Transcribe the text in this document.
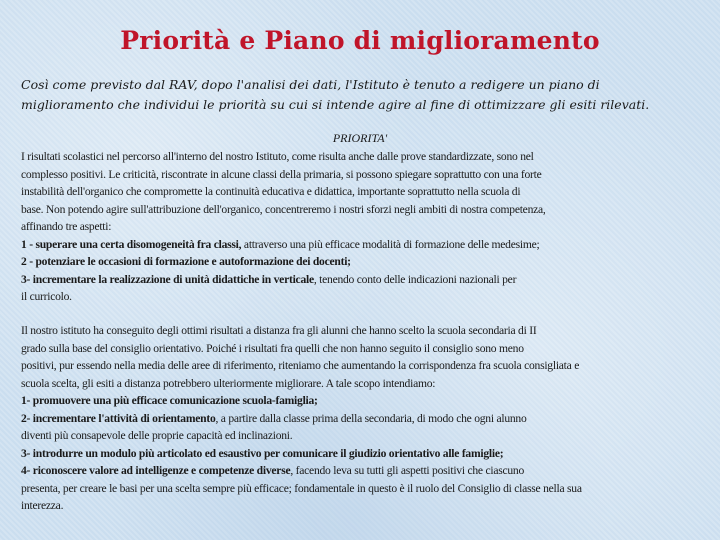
Priorità e Piano di miglioramento

Così come previsto dal RAV, dopo l'analisi dei dati, l'Istituto è tenuto a redigere un piano di

miglioramento che individui le priorità su cui si intende agire al fine di ottimizzare gli esiti rilevati.

PRIORITA'

I risultati scolastici nel percorso all'interno del nostro Istituto, come risulta anche dalle prove standardizzate, sono nel

complesso positivi. Le criticità, riscontrate in alcune classi della primaria, si possono spiegare soprattutto con una forte

instabilità dell'organico che compromette la continuità educativa e didattica, importante soprattutto nella scuola di

base. Non potendo agire sull'attribuzione dell'organico, concentreremo i nostri sforzi negli ambiti di nostra competenza,

affinando tre aspetti:

1 - superare una certa disomogeneità fra classi, attraverso una più efficace modalità di formazione delle medesime;

2 - potenziare le occasioni di formazione e autoformazione dei docenti;

3- incrementare la realizzazione di unità didattiche in verticale, tenendo conto delle indicazioni nazionali per

il curricolo.

Il nostro istituto ha conseguito degli ottimi risultati a distanza fra gli alunni che hanno scelto la scuola secondaria di II

grado sulla base del consiglio orientativo. Poiché i risultati fra quelli che non hanno seguito il consiglio sono meno

positivi, pur essendo nella media delle aree di riferimento, riteniamo che aumentando la corrispondenza fra scuola consigliata e

scuola scelta, gli esiti a distanza potrebbero ulteriormente migliorare. A tale scopo intendiamo:

1- promuovere una più efficace comunicazione scuola-famiglia;

2- incrementare l'attività di orientamento, a partire dalla classe prima della secondaria, di modo che ogni alunno

diventi più consapevole delle proprie capacità ed inclinazioni.

3- introdurre un modulo più articolato ed esaustivo per comunicare il giudizio orientativo alle famiglie;

4- riconoscere valore ad intelligenze e competenze diverse, facendo leva su tutti gli aspetti positivi che ciascuno

presenta, per creare le basi per una scelta sempre più efficace; fondamentale in questo è il ruolo del Consiglio di classe nella sua

interezza.
